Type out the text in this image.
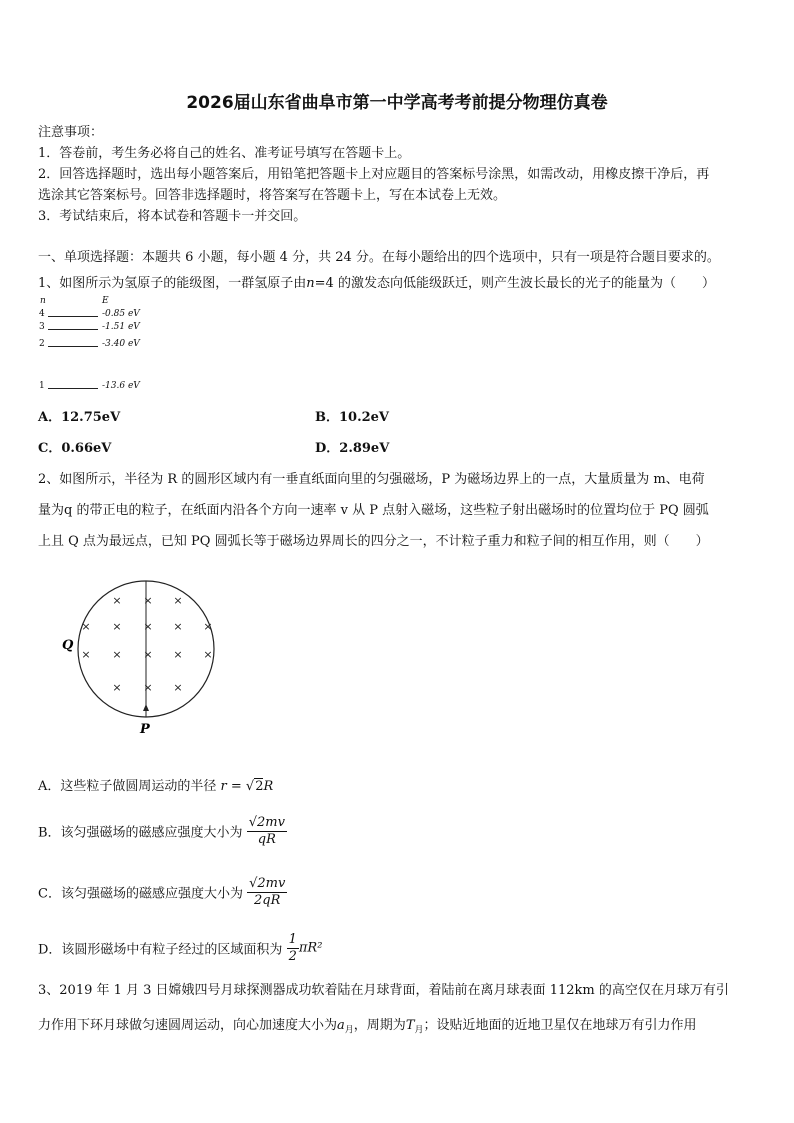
2026届山东省曲阜市第一中学高考考前提分物理仿真卷
注意事项：
1．答卷前，考生务必将自己的姓名、准考证号填写在答题卡上。
2．回答选择题时，选出每小题答案后，用铅笔把答题卡上对应题目的答案标号涂黑，如需改动，用橡皮擦干净后，再
选涂其它答案标号。回答非选择题时，将答案写在答题卡上，写在本试卷上无效。
3．考试结束后，将本试卷和答题卡一并交回。
一、单项选择题：本题共 6 小题，每小题 4 分，共 24 分。在每小题给出的四个选项中，只有一项是符合题目要求的。
1、如图所示为氢原子的能级图，一群氢原子由n=4 的激发态向低能级跃迁，则产生波长最长的光子的能量为（　　）
n	E
4	-0.85 eV
3	-1.51 eV
2	-3.40 eV
1	-13.6 eV
A．12.75eV	B．10.2eV
C．0.66eV	D．2.89eV
2、如图所示，半径为 R 的圆形区域内有一垂直纸面向里的匀强磁场，P 为磁场边界上的一点，大量质量为 m、电荷
量为q 的带正电的粒子，在纸面内沿各个方向一速率 v 从 P 点射入磁场，这些粒子射出磁场时的位置均位于 PQ 圆弧
上且 Q 点为最远点，已知 PQ 圆弧长等于磁场边界周长的四分之一，不计粒子重力和粒子间的相互作用，则（　　）
× × ×
× × × × ×
× × × × ×
× × ×
Q
P
A．这些粒子做圆周运动的半径 r = √2R
B．该匀强磁场的磁感应强度大小为 $\frac{√2mv}{qR}$
C．该匀强磁场的磁感应强度大小为 $\frac{√2mv}{2qR}$
D．该圆形磁场中有粒子经过的区域面积为 $\frac{1}{2} \pi R^2$
3、2019 年 1 月 3 日嫦娥四号月球探测器成功软着陆在月球背面，着陆前在离月球表面 112km 的高空仅在月球万有引
力作用下环月球做匀速圆周运动，向心加速度大小为$a_月$，周期为$T_月$；设贴近地面的近地卫星仅在地球万有引力作用
